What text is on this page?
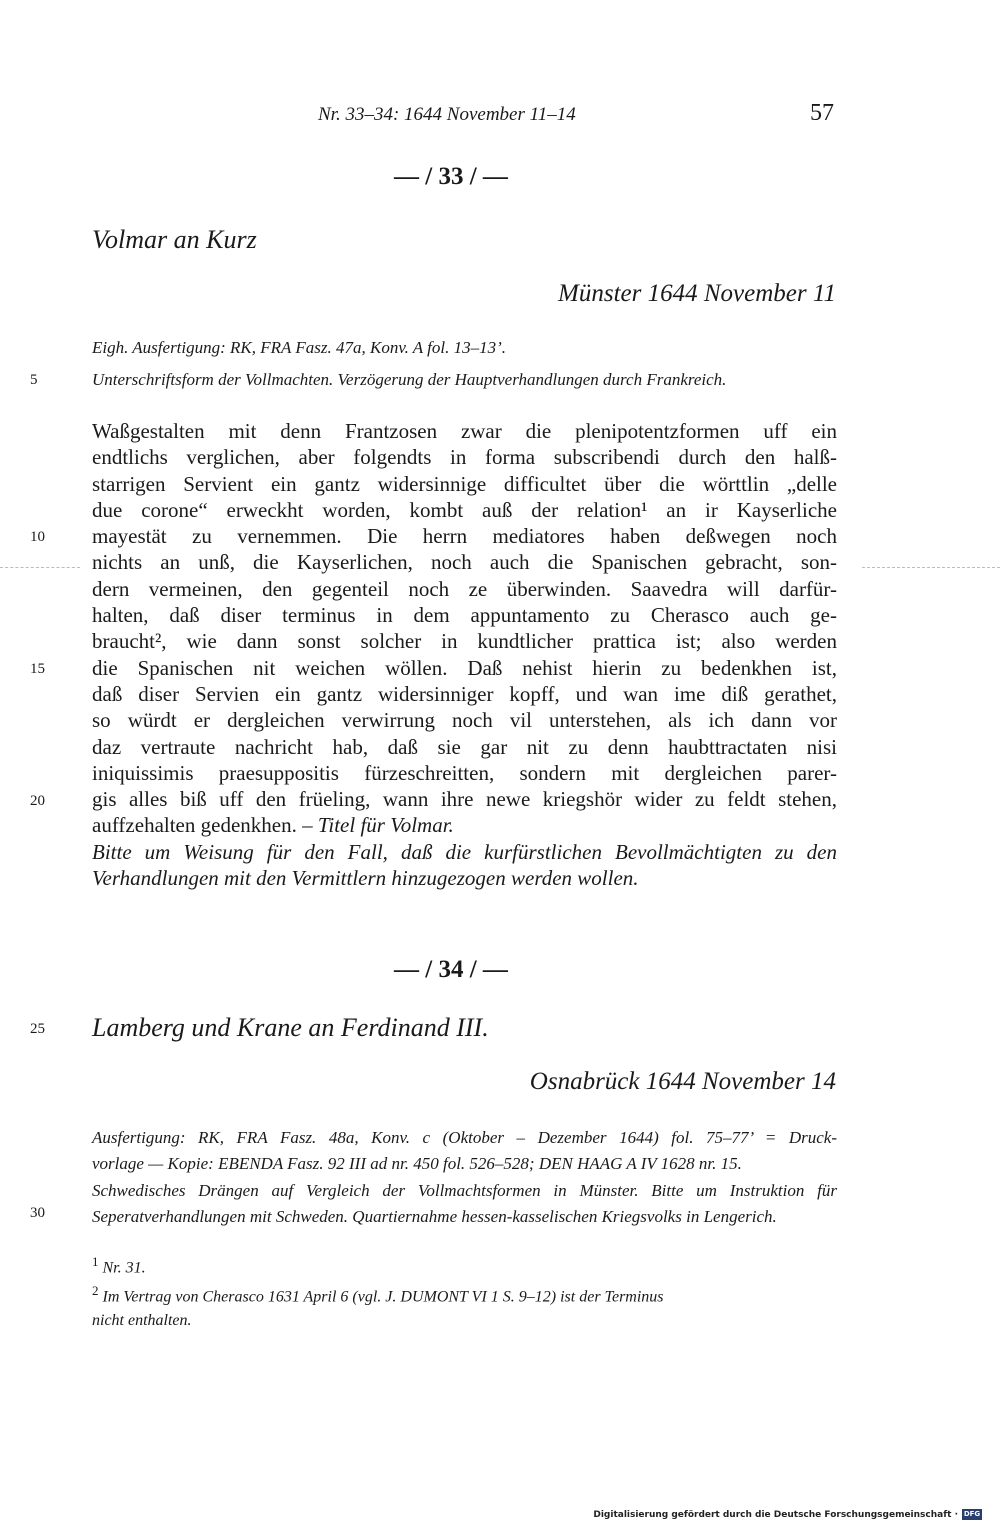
Nr. 33–34: 1644 November 11–14	57
— / 33 / —
Volmar an Kurz
Münster 1644 November 11
Eigh. Ausfertigung: RK, FRA Fasz. 47a, Konv. A fol. 13–13’.
Unterschriftsform der Vollmachten. Verzögerung der Hauptverhandlungen durch Frankreich.
Waßgestalten mit denn Frantzosen zwar die plenipotentzformen uff ein
endtlichs verglichen, aber folgendts in forma subscribendi durch den halß-
starrigen Servient ein gantz widersinnige difficultet über die wörttlin „delle
due corone“ erweckht worden, kombt auß der relation¹ an ir Kayserliche
mayestät zu vernemmen. Die herrn mediatores haben deßwegen noch
nichts an unß, die Kayserlichen, noch auch die Spanischen gebracht, son-
dern vermeinen, den gegenteil noch ze überwinden. Saavedra will darfür-
halten, daß diser terminus in dem appuntamento zu Cherasco auch ge-
braucht², wie dann sonst solcher in kundtlicher prattica ist; also werden
die Spanischen nit weichen wöllen. Daß nehist hierin zu bedenkhen ist,
daß diser Servien ein gantz widersinniger kopff, und wan ime diß gerathet,
so würdt er dergleichen verwirrung noch vil unterstehen, als ich dann vor
daz vertraute nachricht hab, daß sie gar nit zu denn haubttractaten nisi
iniquissimis praesuppositis fürzeschreitten, sondern mit dergleichen parer-
gis alles biß uff den früeling, wann ihre newe kriegshör wider zu feldt stehen,
auffzehalten gedenkhen. – Titel für Volmar.
Bitte um Weisung für den Fall, daß die kurfürstlichen Bevollmächtigten zu den
Verhandlungen mit den Vermittlern hinzugezogen werden wollen.
— / 34 / —
Lamberg und Krane an Ferdinand III.
Osnabrück 1644 November 14
Ausfertigung: RK, FRA Fasz. 48a, Konv. c (Oktober – Dezember 1644) fol. 75–77’ = Druck-
vorlage — Kopie: EBENDA Fasz. 92 III ad nr. 450 fol. 526–528; DEN HAAG A IV 1628 nr. 15.
Schwedisches Drängen auf Vergleich der Vollmachtsformen in Münster. Bitte um Instruktion für
Seperatverhandlungen mit Schweden. Quartiernahme hessen-kasselischen Kriegsvolks in Lengerich.
5
10
15
20
25
30
$^1$ Nr. 31.
$^2$ Im Vertrag von Cherasco 1631 April 6 (vgl. J. DUMONT VI 1 S. 9–12) ist der Terminus
nicht enthalten.
Digitalisierung gefördert durch die Deutsche Forschungsgemeinschaft · DFG
